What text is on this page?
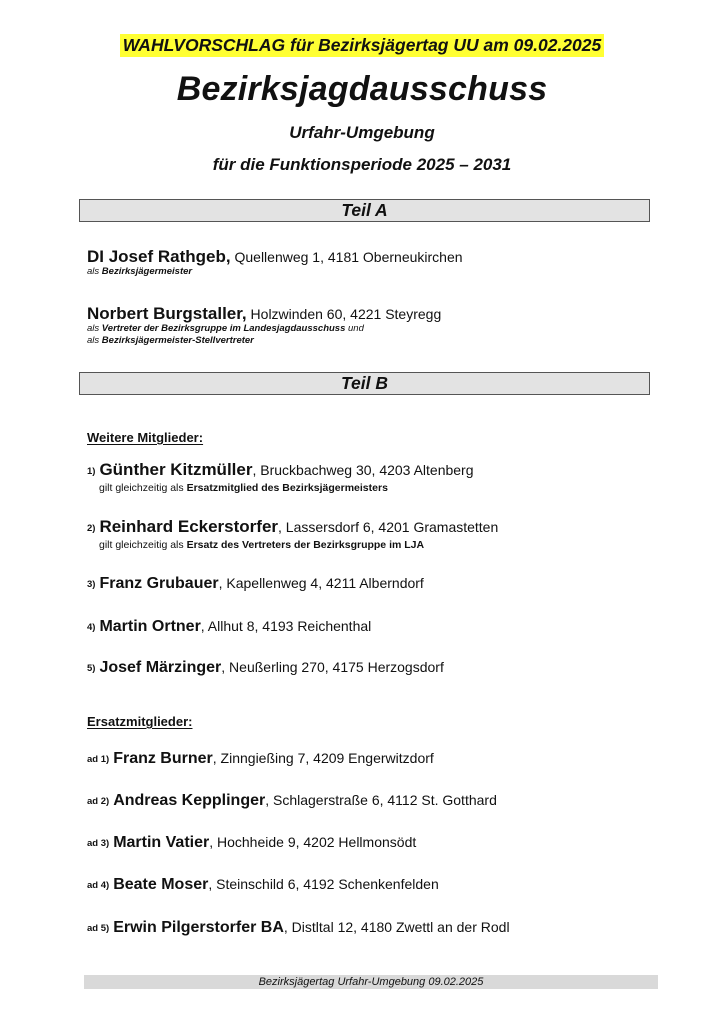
WAHLVORSCHLAG für Bezirksjägertag UU am 09.02.2025
Bezirksjagdausschuss
Urfahr-Umgebung
für die Funktionsperiode 2025 – 2031
Teil A
DI Josef Rathgeb, Quellenweg 1, 4181 Oberneukirchen
als Bezirksjägermeister
Norbert Burgstaller, Holzwinden 60, 4221 Steyregg
als Vertreter der Bezirksgruppe im Landesjagdausschuss und
als Bezirksjägermeister-Stellvertreter
Teil B
Weitere Mitglieder:
1) Günther Kitzmüller, Bruckbachweg 30, 4203 Altenberg
gilt gleichzeitig als Ersatzmitglied des Bezirksjägermeisters
2) Reinhard Eckerstorfer, Lassersdorf 6, 4201 Gramastetten
gilt gleichzeitig als Ersatz des Vertreters der Bezirksgruppe im LJA
3) Franz Grubauer, Kapellenweg 4, 4211 Alberndorf
4) Martin Ortner, Allhut 8, 4193 Reichenthal
5) Josef Märzinger, Neußerling 270, 4175 Herzogsdorf
Ersatzmitglieder:
ad 1) Franz Burner, Zinngießing 7, 4209 Engerwitzdorf
ad 2) Andreas Kepplinger, Schlagerstraße 6, 4112 St. Gotthard
ad 3) Martin Vatier, Hochheide 9, 4202 Hellmonsödt
ad 4) Beate Moser, Steinschild 6, 4192 Schenkenfelden
ad 5) Erwin Pilgerstorfer BA, Distltal 12, 4180 Zwettl an der Rodl
Bezirksjägertag Urfahr-Umgebung 09.02.2025
